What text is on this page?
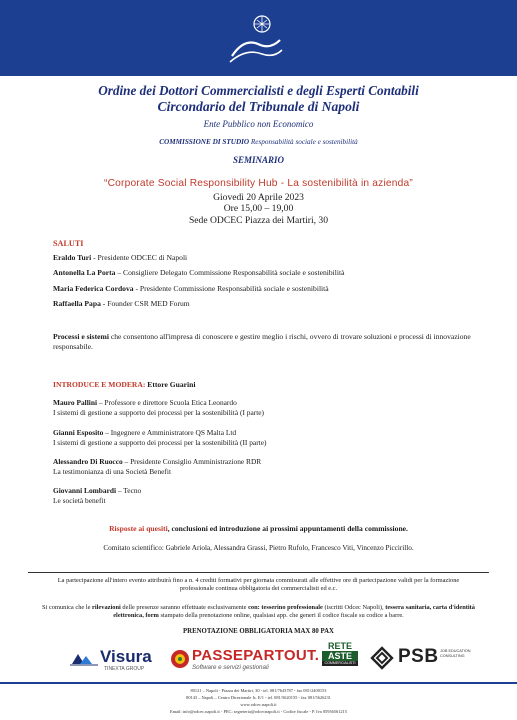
Ordine dei Dottori Commercialisti e degli Esperti Contabili
Circondario del Tribunale di Napoli
Ente Pubblico non Economico
COMMISSIONE DI STUDIO Responsabilità sociale e sostenibilità
SEMINARIO
“Corporate Social Responsibility Hub - La sostenibilità in azienda”
Giovedì 20 Aprile 2023
Ore 15,00 – 19,00
Sede ODCEC Piazza dei Martiri, 30
SALUTI
Eraldo Turi - Presidente ODCEC di Napoli
Antonella La Porta – Consigliere Delegato Commissione Responsabilità sociale e sostenibilità
Maria Federica Cordova - Presidente Commissione Responsabilità sociale e sostenibilità
Raffaella Papa - Founder CSR MED Forum
Processi e sistemi che consentono all'impresa di conoscere e gestire meglio i rischi, ovvero di trovare soluzioni e processi di innovazione responsabile.
INTRODUCE E MODERA: Ettore Guarini
Mauro Pallini – Professore e direttore Scuola Etica Leonardo
I sistemi di gestione a supporto dei processi per la sostenibilità (I parte)
Gianni Esposito – Ingegnere e Amministratore QS Malta Ltd
I sistemi di gestione a supporto dei processi per la sostenibilità (II parte)
Alessandro Di Ruocco – Presidente Consiglio Amministrazione RDR
La testimonianza di una Società Benefit
Giovanni Lombardi – Tecno
Le società benefit
Risposte ai quesiti, conclusioni ed introduzione ai prossimi appuntamenti della commissione.
Comitato scientifico: Gabriele Ariola, Alessandra Grassi, Pietro Rufolo, Francesco Viti, Vincenzo Piccirillo.
La partecipazione all'intero evento attribuirà fino a n. 4 crediti formativi per giornata commisurati alle effettive ore di partecipazione validi per la formazione professionale continua obbligatoria dei commercialisti ed e.c.
Si comunica che le rilevazioni delle presenze saranno effettuate esclusivamente con: tesserino professionale (iscritti Odcec Napoli), tessera sanitaria, carta d'identità elettronica, form stampato della prenotazione online, qualsiasi app. che generi il codice fiscale su codice a barre.
PRENOTAZIONE OBBLIGATORIA MAX 80 PAX
Visura
TINEXTA GROUP
PASSEPARTOUT.
Software e servizi gestionali
RETE
ASTE
COMMERCIALISTI PSB JOB EDUCATION CONSULTING
80121 – Napoli - Piazza dei Martiri, 30 - tel. 081/7643787 - fax 081/2400153
80143 – Napoli – Centro Direzionale Is. E/1 - tel. 081/5620155 - fax 081/5626231
www.odcec.napoli.it
Email: info@odcec.napoli.it - PEC: segreteria@odcecnapoli.it - Codice fiscale - P. Iva 05936561215
